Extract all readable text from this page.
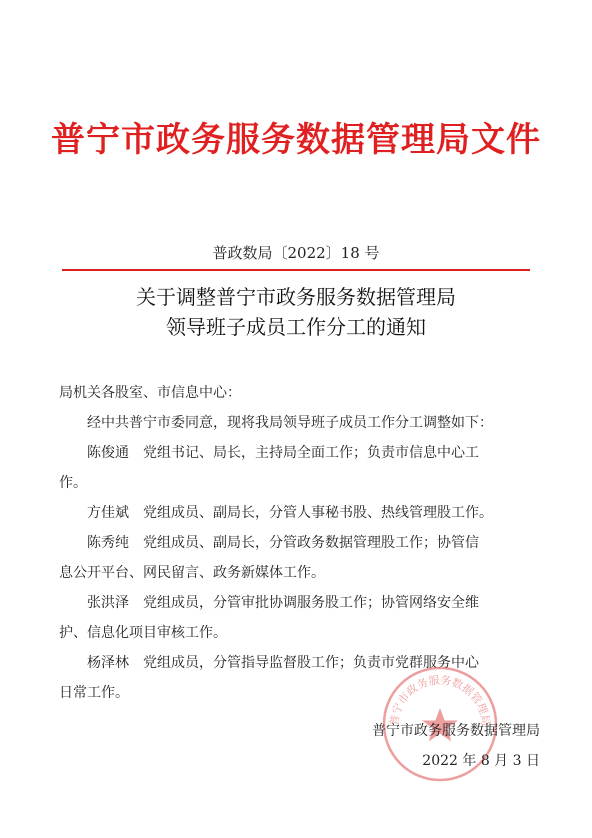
普宁市政务服务数据管理局文件
普政数局〔2022〕18 号
关于调整普宁市政务服务数据管理局
领导班子成员工作分工的通知

局机关各股室、市信息中心：

经中共普宁市委同意，现将我局领导班子成员工作分工调整如下：

陈俊通 党组书记、局长，主持局全面工作；负责市信息中心工

作。

方佳斌 党组成员、副局长，分管人事秘书股、热线管理股工作。

陈秀纯 党组成员、副局长，分管政务数据管理股工作；协管信

息公开平台、网民留言、政务新媒体工作。

张洪泽 党组成员，分管审批协调服务股工作；协管网络安全维

护、信息化项目审核工作。

杨泽林 党组成员，分管指导监督股工作；负责市党群服务中心

日常工作。

普宁市政务服务数据管理局
普宁市政务服务数据管理局
2022 年 8 月 3 日
